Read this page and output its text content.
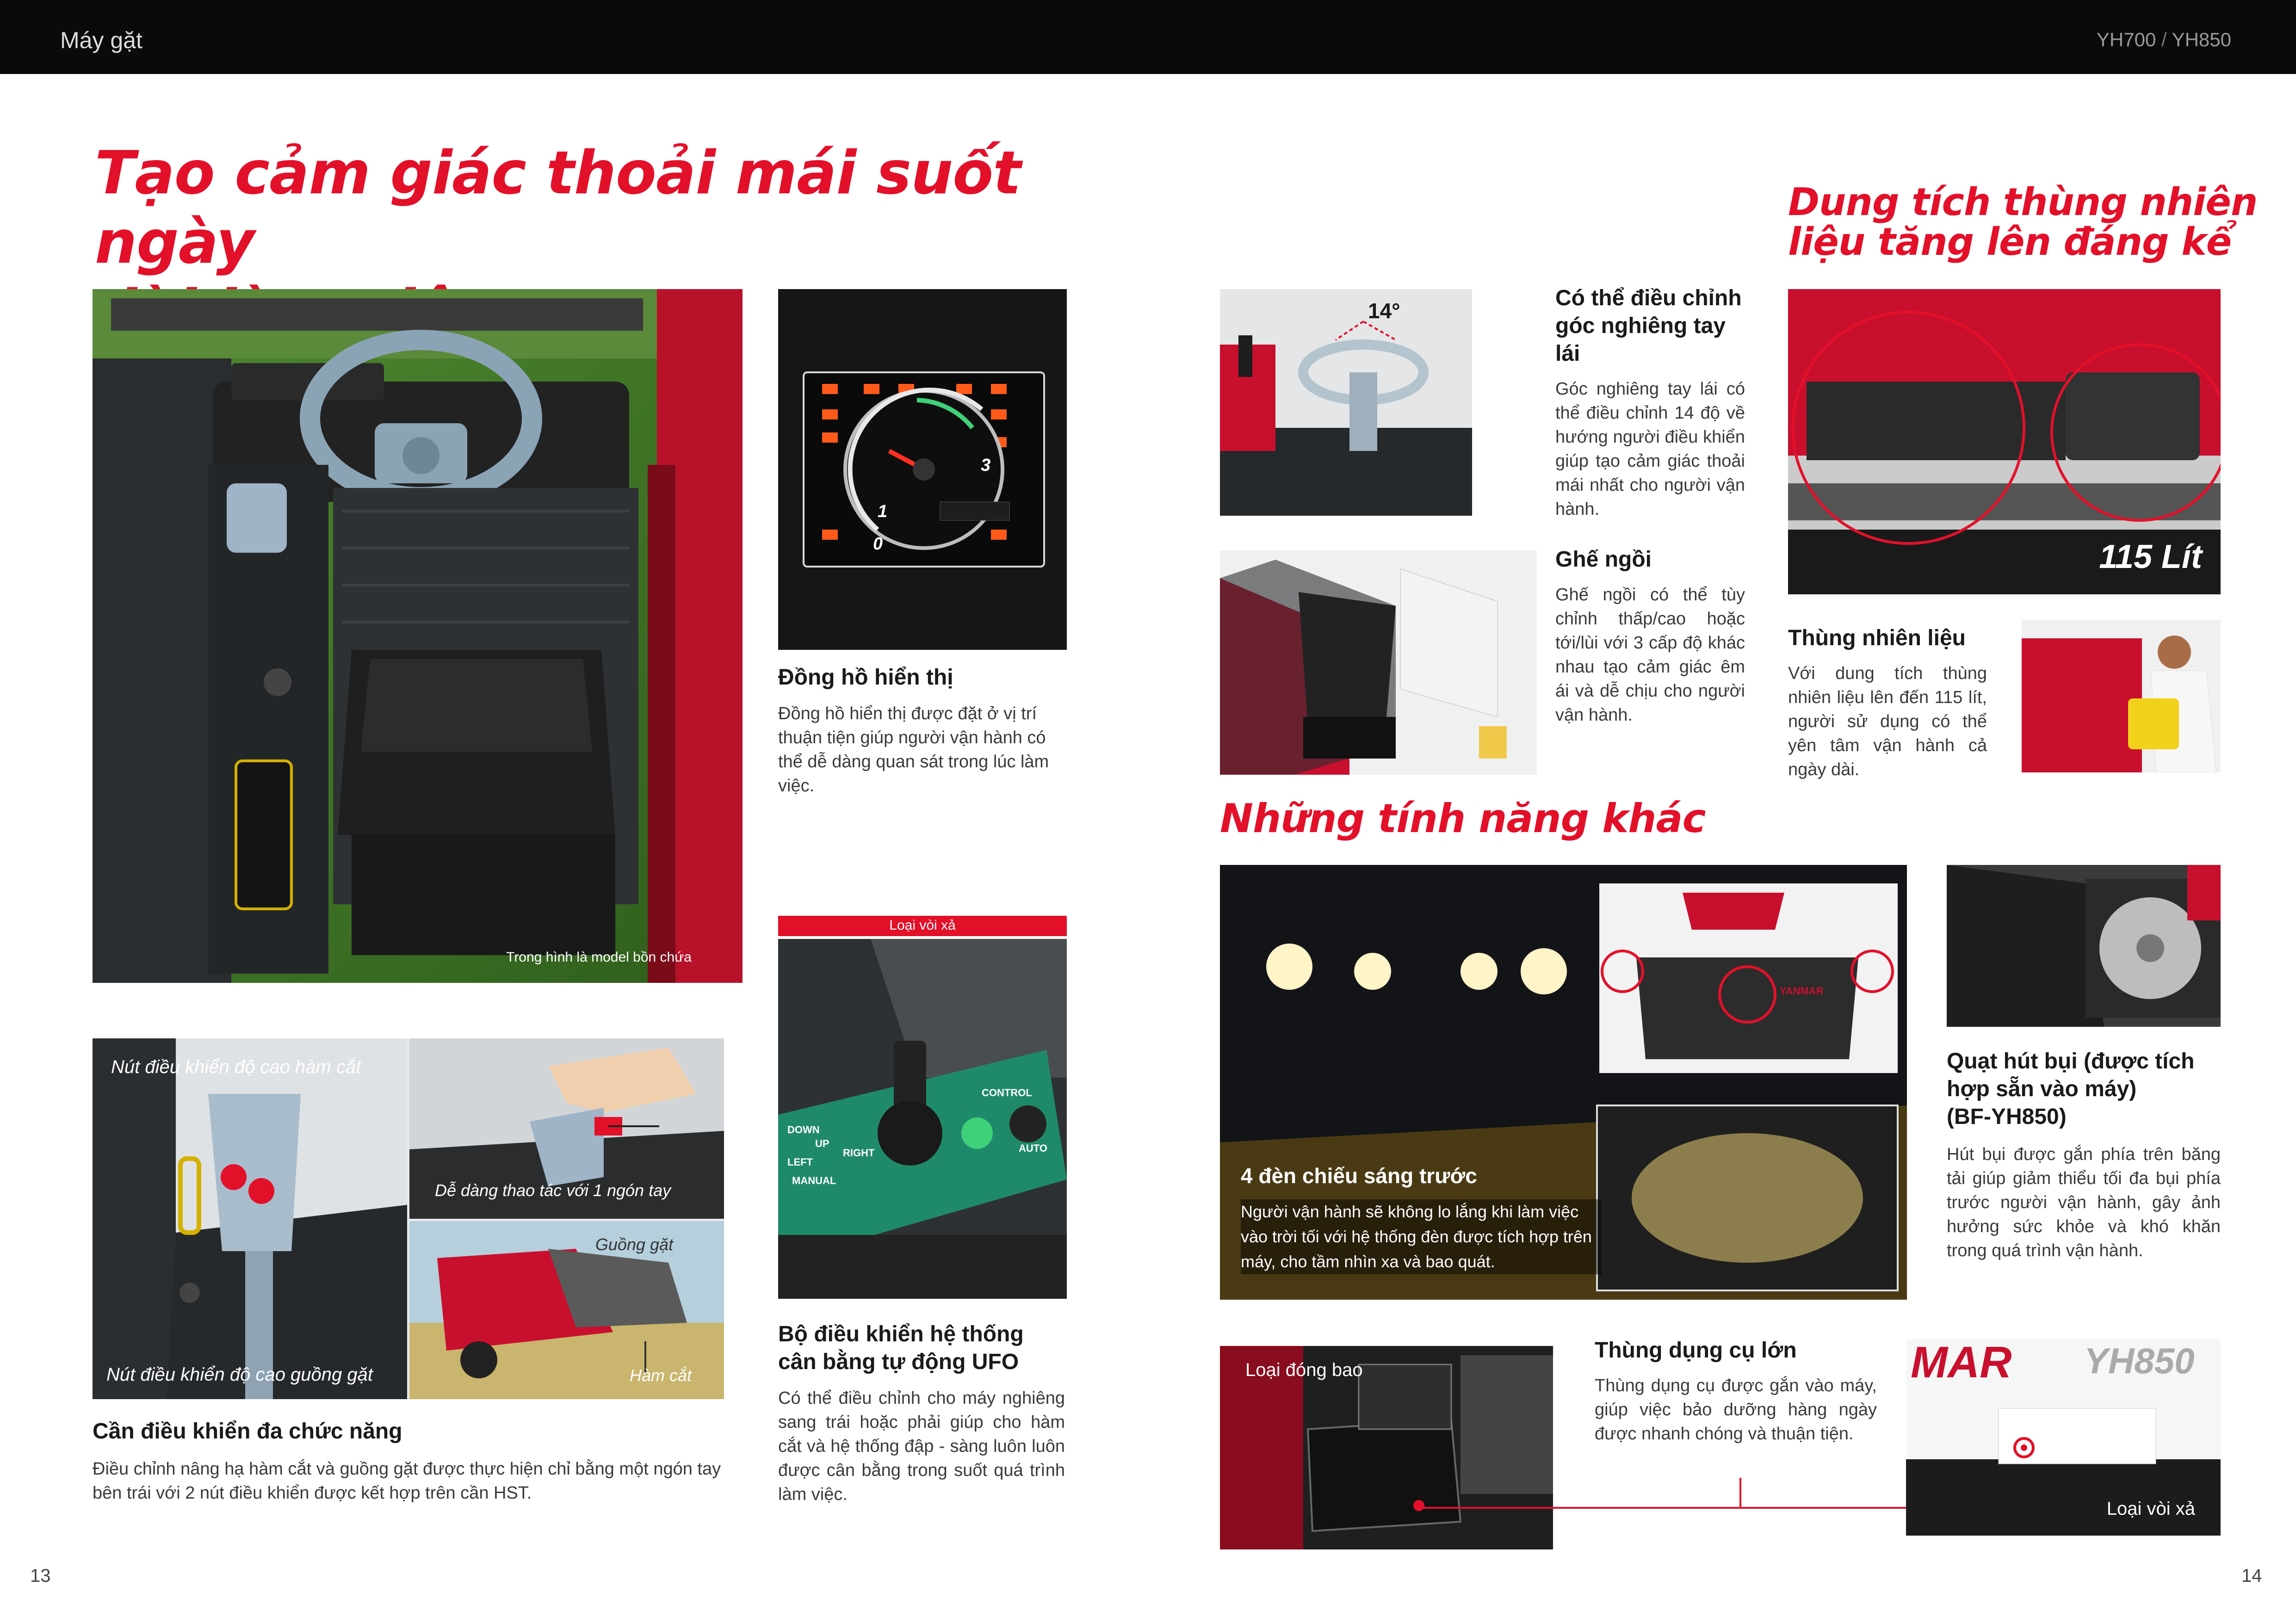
Máy gặt	YH700 / YH850

Tạo cảm giác thoải mái suốt ngày

Trong hình là model bồn chứa
0
1
3

Đồng hồ hiển thị

Đồng hồ hiển thị được đặt ở vị trí thuận tiện giúp người vận hành có thể dễ dàng quan sát trong lúc làm việc.

Nút điều khiển độ cao hàm cắt
Nút điều khiển độ cao guồng gặt
Dễ dàng thao tác với 1 ngón tay
Guồng gặt
Hàm cắt

Cần điều khiển đa chức năng

Điều chỉnh nâng hạ hàm cắt và guồng gặt được thực hiện chỉ bằng một ngón tay bên trái với 2 nút điều khiển được kết hợp trên cần HST.

Loại vòi xả
CONTROL
AUTO
UP
DOWN
LEFT
RIGHT
MANUAL

Bộ điều khiển hệ thống

cân bằng tự động UFO

Có thể điều chỉnh cho máy nghiêng sang trái hoặc phải giúp cho hàm cắt và hệ thống đập - sàng luôn luôn được cân bằng trong suốt quá trình làm việc.

13
14°

Có thể điều chỉnh

góc nghiêng tay lái

Góc nghiêng tay lái có thể điều chỉnh 14 độ về hướng người điều khiển giúp tạo cảm giác thoải mái nhất cho người vận hành.

Ghế ngồi

Ghế ngồi có thể tùy chỉnh thấp/cao hoặc tới/lùi với 3 cấp độ khác nhau tạo cảm giác êm ái và dễ chịu cho người vận hành.

Dung tích thùng nhiên

liệu tăng lên đáng kể

115 Lít

Thùng nhiên liệu

Với dung tích thùng nhiên liệu lên đến 115 lít, người sử dụng có thể yên tâm vận hành cả ngày dài.

Những tính năng khác

YANMAR

4 đèn chiếu sáng trước

Người vận hành sẽ không lo lắng khi làm việc vào trời tối với hệ thống đèn được tích hợp trên máy, cho tầm nhìn xa và bao quát.

Quạt hút bụi (được tích

hợp sẵn vào máy)

(BF-YH850)

Hút bụi được gắn phía trên băng tải giúp giảm thiểu tối đa bụi phía trước người vận hành, gây ảnh hưởng sức khỏe và khó khăn trong quá trình vận hành.

Loại đóng bao

Thùng dụng cụ lớn

Thùng dụng cụ được gắn vào máy, giúp việc bảo dưỡng hàng ngày được nhanh chóng và thuận tiện.

MAR YH850
Loại vòi xả
14
